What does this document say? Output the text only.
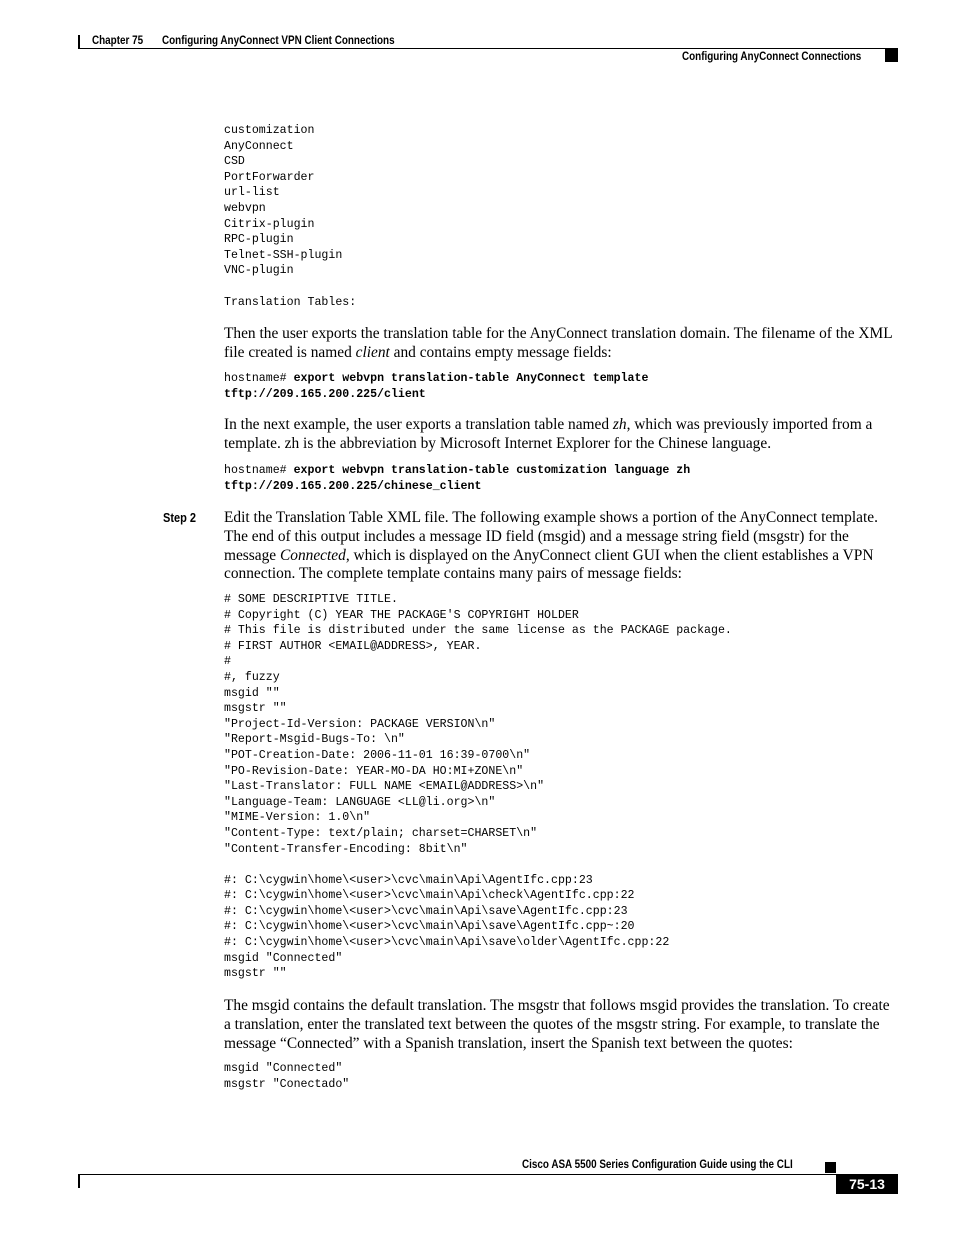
Chapter 75 Configuring AnyConnect VPN Client Connections
Configuring AnyConnect Connections
customization
AnyConnect
CSD
PortForwarder
url-list
webvpn
Citrix-plugin
RPC-plugin
Telnet-SSH-plugin
VNC-plugin

Translation Tables:

Then the user exports the translation table for the AnyConnect translation domain. The filename of the XML file created is named client and contains empty message fields:

hostname# export webvpn translation-table AnyConnect template
tftp://209.165.200.225/client

In the next example, the user exports a translation table named zh, which was previously imported from a template. zh is the abbreviation by Microsoft Internet Explorer for the Chinese language.

hostname# export webvpn translation-table customization language zh
tftp://209.165.200.225/chinese_client
Step 2 Edit the Translation Table XML file. The following example shows a portion of the AnyConnect template. The end of this output includes a message ID field (msgid) and a message string field (msgstr) for the message Connected, which is displayed on the AnyConnect client GUI when the client establishes a VPN connection. The complete template contains many pairs of message fields:

# SOME DESCRIPTIVE TITLE.
# Copyright (C) YEAR THE PACKAGE'S COPYRIGHT HOLDER
# This file is distributed under the same license as the PACKAGE package.
# FIRST AUTHOR <EMAIL@ADDRESS>, YEAR.
#
#, fuzzy
msgid ""
msgstr ""
"Project-Id-Version: PACKAGE VERSION\n"
"Report-Msgid-Bugs-To: \n"
"POT-Creation-Date: 2006-11-01 16:39-0700\n"
"PO-Revision-Date: YEAR-MO-DA HO:MI+ZONE\n"
"Last-Translator: FULL NAME <EMAIL@ADDRESS>\n"
"Language-Team: LANGUAGE <LL@li.org>\n"
"MIME-Version: 1.0\n"
"Content-Type: text/plain; charset=CHARSET\n"
"Content-Transfer-Encoding: 8bit\n"

#: C:\cygwin\home\<user>\cvc\main\Api\AgentIfc.cpp:23
#: C:\cygwin\home\<user>\cvc\main\Api\check\AgentIfc.cpp:22
#: C:\cygwin\home\<user>\cvc\main\Api\save\AgentIfc.cpp:23
#: C:\cygwin\home\<user>\cvc\main\Api\save\AgentIfc.cpp~:20
#: C:\cygwin\home\<user>\cvc\main\Api\save\older\AgentIfc.cpp:22
msgid "Connected"
msgstr ""

The msgid contains the default translation. The msgstr that follows msgid provides the translation. To create a translation, enter the translated text between the quotes of the msgstr string. For example, to translate the message “Connected” with a Spanish translation, insert the Spanish text between the quotes:

msgid "Connected"
msgstr "Conectado"
Cisco ASA 5500 Series Configuration Guide using the CLI
75-13
